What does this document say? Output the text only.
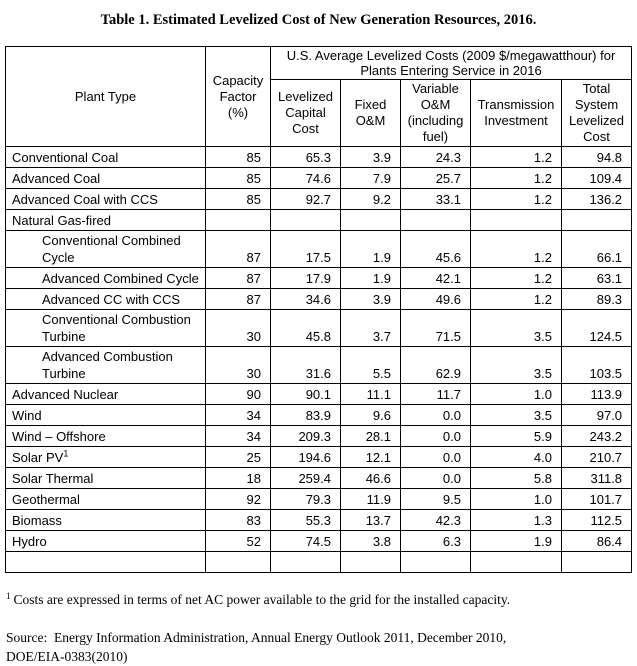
Table 1. Estimated Levelized Cost of New Generation Resources, 2016.
Plant Type	Capacity Factor (%)	U.S. Average Levelized Costs (2009 $/megawatthour) for Plants Entering Service in 2016				
		Levelized Capital Cost	Fixed O&M	Variable O&M (including fuel)	Transmission Investment	Total System Levelized Cost
Conventional Coal	85	65.3	3.9	24.3	1.2	94.8
Advanced Coal	85	74.6	7.9	25.7	1.2	109.4
Advanced Coal with CCS	85	92.7	9.2	33.1	1.2	136.2
Natural Gas-fired						
Conventional Combined
Cycle	87	17.5	1.9	45.6	1.2	66.1
Advanced Combined Cycle	87	17.9	1.9	42.1	1.2	63.1
Advanced CC with CCS	87	34.6	3.9	49.6	1.2	89.3
Conventional Combustion
Turbine	30	45.8	3.7	71.5	3.5	124.5
Advanced Combustion
Turbine	30	31.6	5.5	62.9	3.5	103.5
Advanced Nuclear	90	90.1	11.1	11.7	1.0	113.9
Wind	34	83.9	9.6	0.0	3.5	97.0
Wind – Offshore	34	209.3	28.1	0.0	5.9	243.2
Solar $PV^1$	25	194.6	12.1	0.0	4.0	210.7
Solar Thermal	18	259.4	46.6	0.0	5.8	311.8
Geothermal	92	79.3	11.9	9.5	1.0	101.7
Biomass	83	55.3	13.7	42.3	1.3	112.5
Hydro	52	74.5	3.8	6.3	1.9	86.4

$^1$ Costs are expressed in terms of net AC power available to the grid for the installed capacity.
Source:  Energy Information Administration, Annual Energy Outlook 2011, December 2010, DOE/EIA-0383(2010)
